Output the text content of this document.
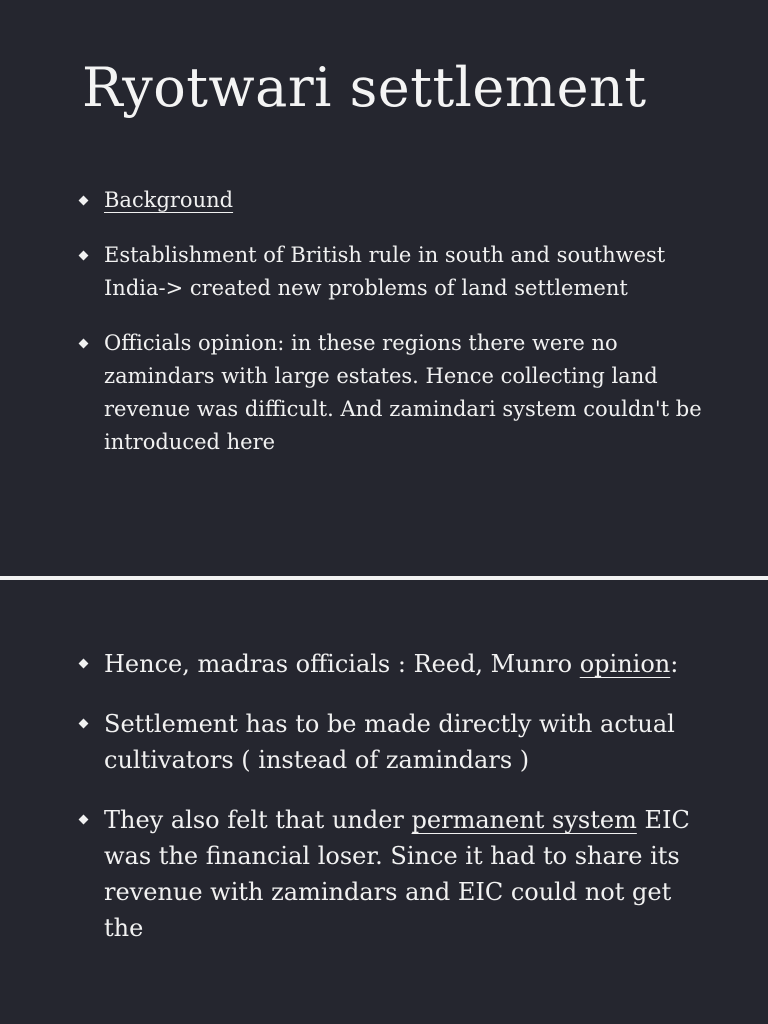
Ryotwari settlement
Background
Establishment of British rule in south and southwest India-> created new problems of land settlement
Officials opinion: in these regions there were no zamindars with large estates. Hence collecting land revenue was difficult. And zamindari system couldn't be introduced here
Hence, madras officials : Reed, Munro opinion:
Settlement has to be made directly with actual cultivators ( instead of zamindars )
They also felt that under permanent system EIC was the financial loser. Since it had to share its revenue with zamindars and EIC could not get the
